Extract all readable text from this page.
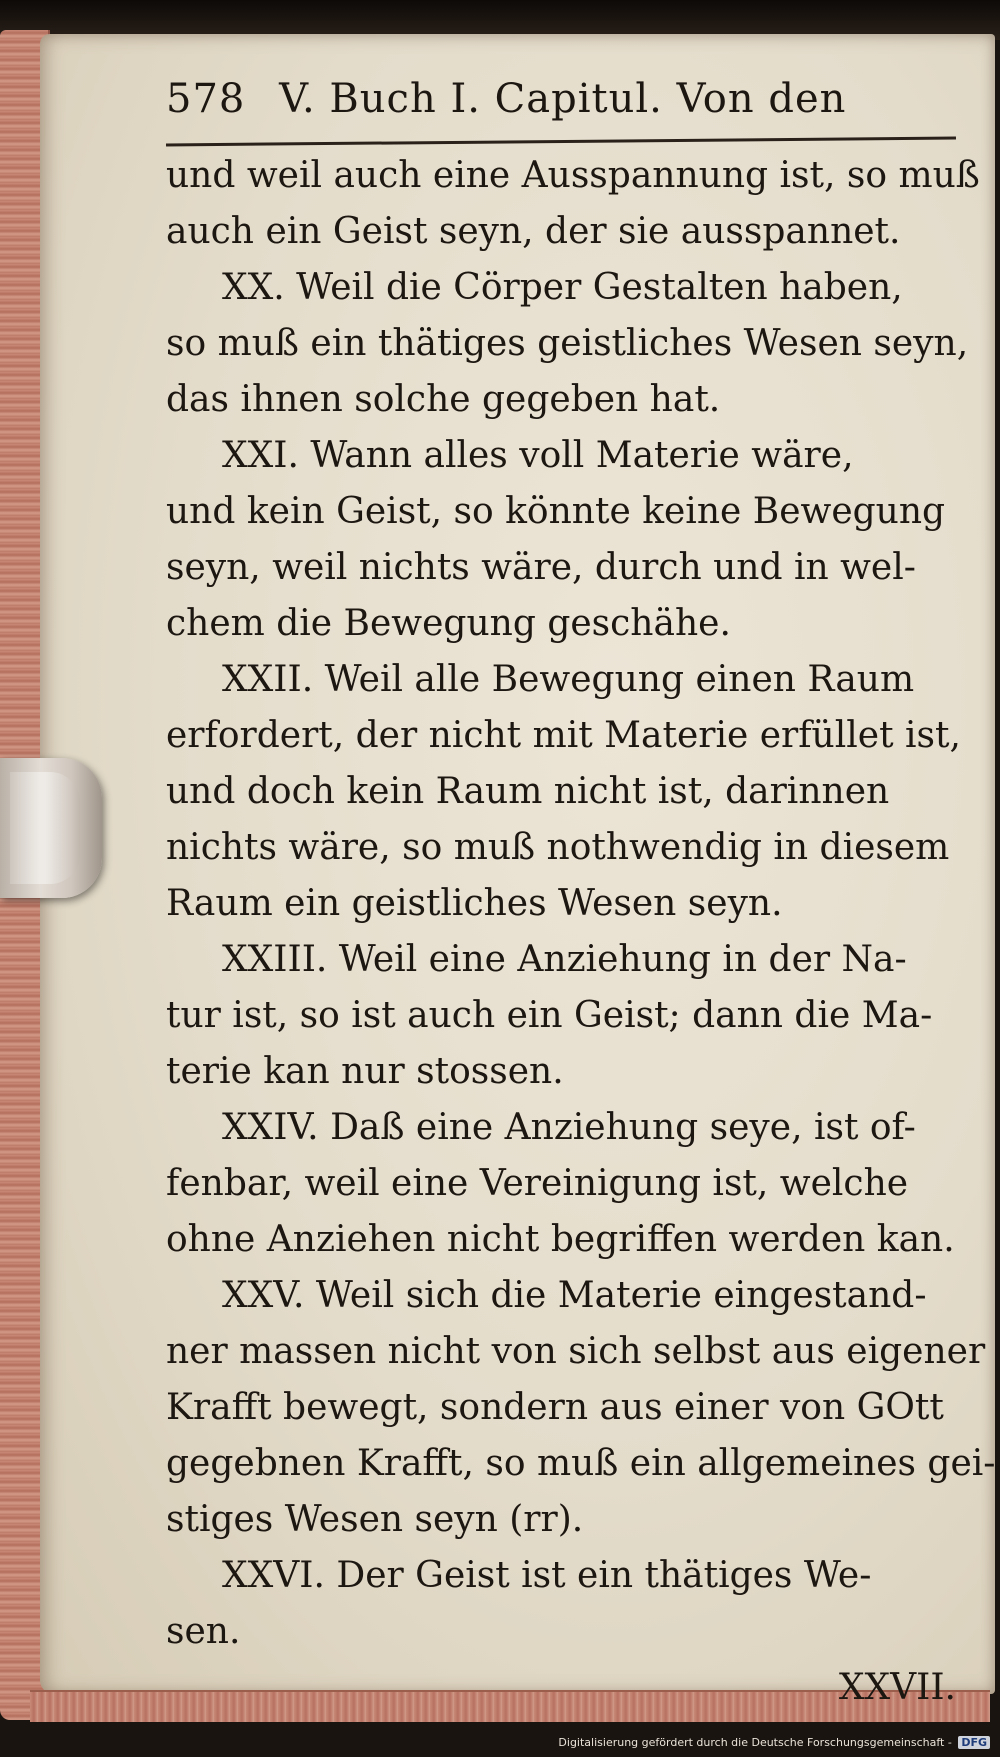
578 V. Buch I. Capitul. Von den
und weil auch eine Ausspannung ist, so muß
auch ein Geist seyn, der sie ausspannet.
XX. Weil die Cörper Gestalten haben,
so muß ein thätiges geistliches Wesen seyn,
das ihnen solche gegeben hat.
XXI. Wann alles voll Materie wäre,
und kein Geist, so könnte keine Bewegung
seyn, weil nichts wäre, durch und in wel-
chem die Bewegung geschähe.
XXII. Weil alle Bewegung einen Raum
erfordert, der nicht mit Materie erfüllet ist,
und doch kein Raum nicht ist, darinnen
nichts wäre, so muß nothwendig in diesem
Raum ein geistliches Wesen seyn.
XXIII. Weil eine Anziehung in der Na-
tur ist, so ist auch ein Geist; dann die Ma-
terie kan nur stossen.
XXIV. Daß eine Anziehung seye, ist of-
fenbar, weil eine Vereinigung ist, welche
ohne Anziehen nicht begriffen werden kan.
XXV. Weil sich die Materie eingestand-
ner massen nicht von sich selbst aus eigener
Krafft bewegt, sondern aus einer von GOtt
gegebnen Krafft, so muß ein allgemeines gei-
stiges Wesen seyn (rr).
XXVI. Der Geist ist ein thätiges We-
sen.
XXVII.
Digitalisierung gefördert durch die Deutsche Forschungsgemeinschaft - DFG
